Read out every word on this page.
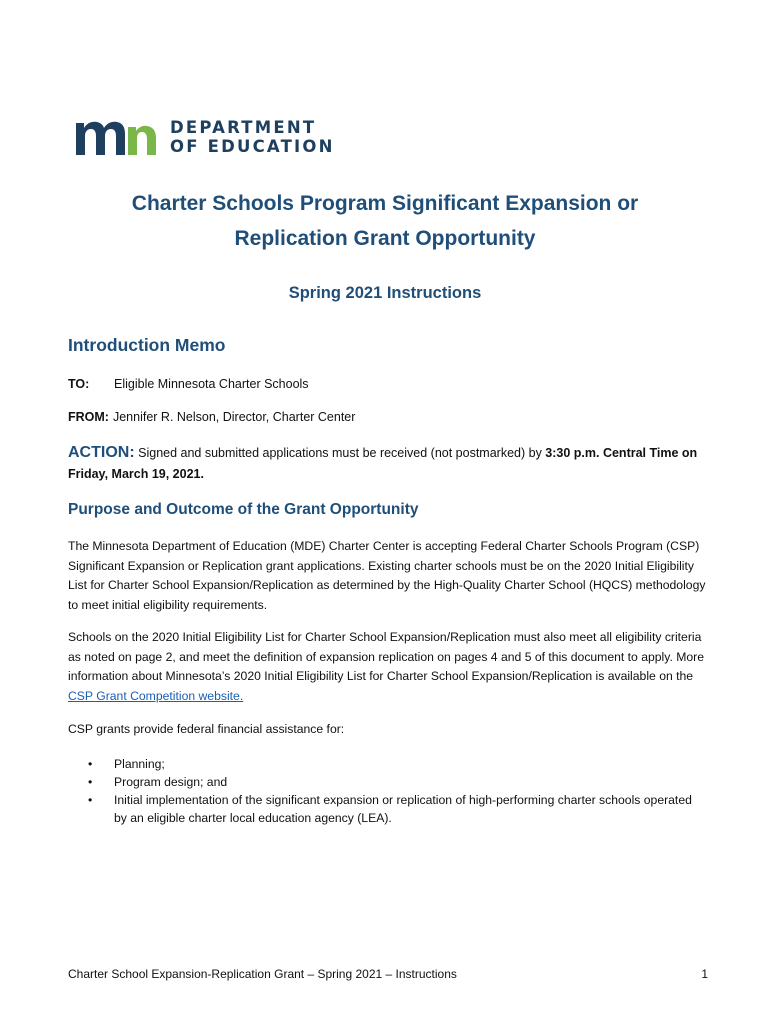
DEPARTMENT
OF EDUCATION
Charter Schools Program Significant Expansion or
Replication Grant Opportunity
Spring 2021 Instructions
Introduction Memo
TO: Eligible Minnesota Charter Schools
FROM: Jennifer R. Nelson, Director, Charter Center
ACTION: Signed and submitted applications must be received (not postmarked) by 3:30 p.m. Central Time on Friday, March 19, 2021.
Purpose and Outcome of the Grant Opportunity
The Minnesota Department of Education (MDE) Charter Center is accepting Federal Charter Schools Program (CSP) Significant Expansion or Replication grant applications. Existing charter schools must be on the 2020 Initial Eligibility List for Charter School Expansion/Replication as determined by the High-Quality Charter School (HQCS) methodology to meet initial eligibility requirements.
Schools on the 2020 Initial Eligibility List for Charter School Expansion/Replication must also meet all eligibility criteria as noted on page 2, and meet the definition of expansion replication on pages 4 and 5 of this document to apply. More information about Minnesota’s 2020 Initial Eligibility List for Charter School Expansion/Replication is available on the CSP Grant Competition website.
CSP grants provide federal financial assistance for:
• Planning;
• Program design; and
• Initial implementation of the significant expansion or replication of high-performing charter schools operated by an eligible charter local education agency (LEA).
Charter School Expansion-Replication Grant – Spring 2021 – Instructions	1
